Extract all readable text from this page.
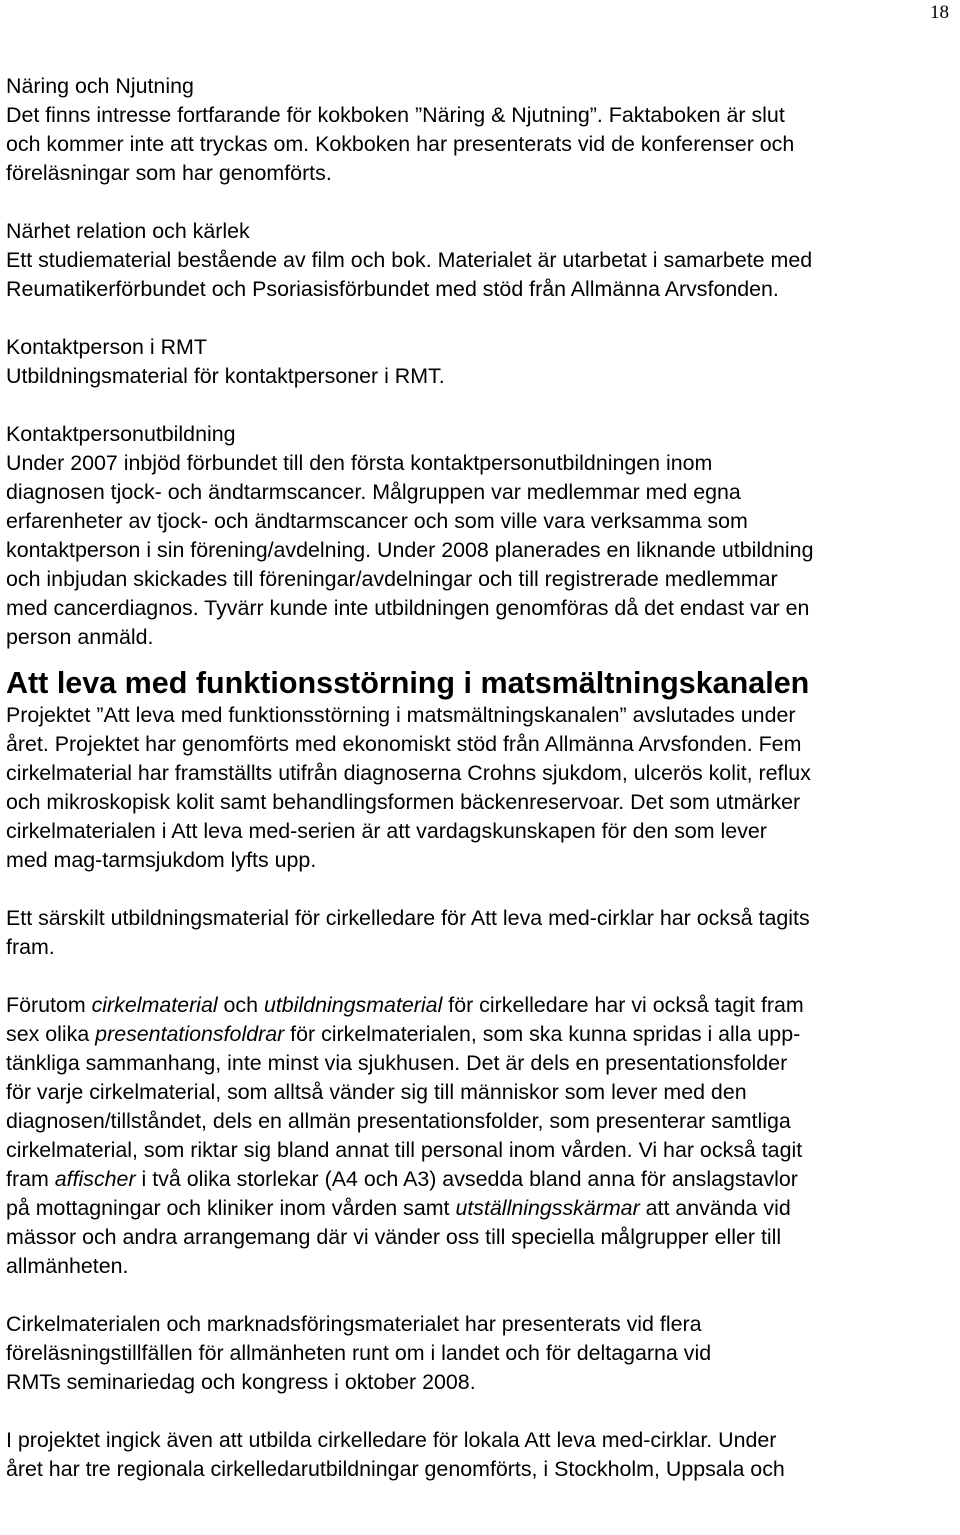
18
Näring och Njutning
Det finns intresse fortfarande för kokboken ”Näring & Njutning”. Faktaboken är slut
och kommer inte att tryckas om. Kokboken har presenterats vid de konferenser och
föreläsningar som har genomförts.
Närhet relation och kärlek
Ett studiematerial bestående av film och bok. Materialet är utarbetat i samarbete med
Reumatikerförbundet och Psoriasisförbundet med stöd från Allmänna Arvsfonden.
Kontaktperson i RMT
Utbildningsmaterial för kontaktpersoner i RMT.
Kontaktpersonutbildning
Under 2007 inbjöd förbundet till den första kontaktpersonutbildningen inom
diagnosen tjock- och ändtarmscancer. Målgruppen var medlemmar med egna
erfarenheter av tjock- och ändtarmscancer och som ville vara verksamma som
kontaktperson i sin förening/avdelning. Under 2008 planerades en liknande utbildning
och inbjudan skickades till föreningar/avdelningar och till registrerade medlemmar
med cancerdiagnos. Tyvärr kunde inte utbildningen genomföras då det endast var en
person anmäld.
Att leva med funktionsstörning i matsmältningskanalen
Projektet ”Att leva med funktionsstörning i matsmältningskanalen” avslutades under
året. Projektet har genomförts med ekonomiskt stöd från Allmänna Arvsfonden. Fem
cirkelmaterial har framställts utifrån diagnoserna Crohns sjukdom, ulcerös kolit, reflux
och mikroskopisk kolit samt behandlingsformen bäckenreservoar. Det som utmärker
cirkelmaterialen i Att leva med-serien är att vardagskunskapen för den som lever
med mag-tarmsjukdom lyfts upp.
Ett särskilt utbildningsmaterial för cirkelledare för Att leva med-cirklar har också tagits
fram.
Förutom cirkelmaterial och utbildningsmaterial för cirkelledare har vi också tagit fram
sex olika presentationsfoldrar för cirkelmaterialen, som ska kunna spridas i alla upp-
tänkliga sammanhang, inte minst via sjukhusen. Det är dels en presentationsfolder
för varje cirkelmaterial, som alltså vänder sig till människor som lever med den
diagnosen/tillståndet, dels en allmän presentationsfolder, som presenterar samtliga
cirkelmaterial, som riktar sig bland annat till personal inom vården. Vi har också tagit
fram affischer i två olika storlekar (A4 och A3) avsedda bland anna för anslagstavlor
på mottagningar och kliniker inom vården samt utställningsskärmar att använda vid
mässor och andra arrangemang där vi vänder oss till speciella målgrupper eller till
allmänheten.
Cirkelmaterialen och marknadsföringsmaterialet har presenterats vid flera
föreläsningstillfällen för allmänheten runt om i landet och för deltagarna vid
RMTs seminariedag och kongress i oktober 2008.
I projektet ingick även att utbilda cirkelledare för lokala Att leva med-cirklar. Under
året har tre regionala cirkelledarutbildningar genomförts, i Stockholm, Uppsala och
